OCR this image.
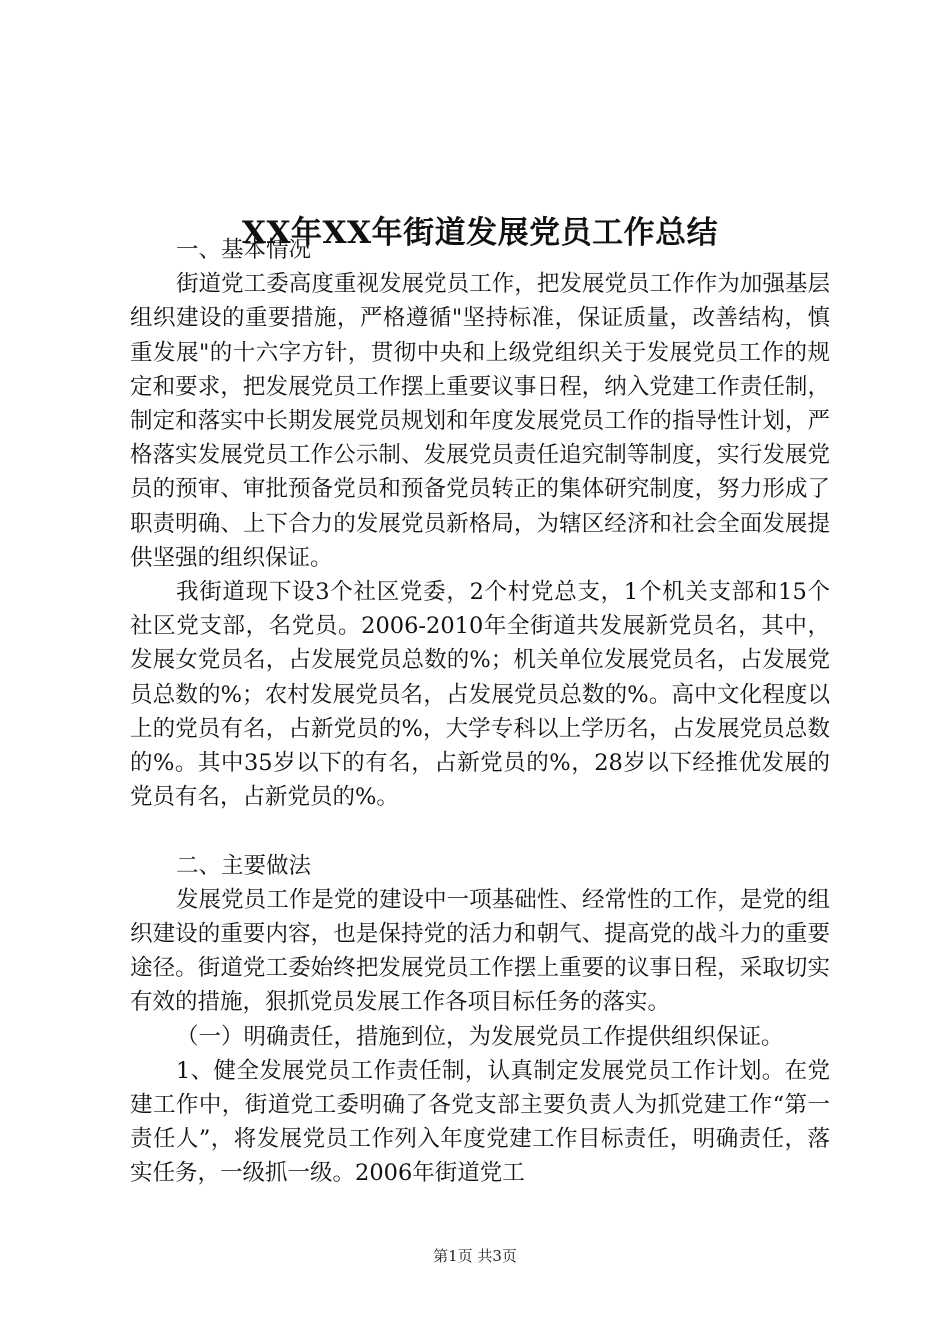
XX年XX年街道发展党员工作总结

一、基本情况

街道党工委高度重视发展党员工作，把发展党员工作作为加强基层组织建设的重要措施，严格遵循"坚持标准，保证质量，改善结构，慎重发展"的十六字方针，贯彻中央和上级党组织关于发展党员工作的规定和要求，把发展党员工作摆上重要议事日程，纳入党建工作责任制，制定和落实中长期发展党员规划和年度发展党员工作的指导性计划，严格落实发展党员工作公示制、发展党员责任追究制等制度，实行发展党员的预审、审批预备党员和预备党员转正的集体研究制度，努力形成了职责明确、上下合力的发展党员新格局，为辖区经济和社会全面发展提供坚强的组织保证。

我街道现下设3个社区党委，2个村党总支，1个机关支部和15个社区党支部，名党员。2006-2010年全街道共发展新党员名，其中，发展女党员名，占发展党员总数的%；机关单位发展党员名，占发展党员总数的%；农村发展党员名，占发展党员总数的%。高中文化程度以上的党员有名，占新党员的%，大学专科以上学历名，占发展党员总数的%。其中35岁以下的有名，占新党员的%，28岁以下经推优发展的党员有名，占新党员的%。

二、主要做法

发展党员工作是党的建设中一项基础性、经常性的工作，是党的组织建设的重要内容，也是保持党的活力和朝气、提高党的战斗力的重要途径。街道党工委始终把发展党员工作摆上重要的议事日程，采取切实有效的措施，狠抓党员发展工作各项目标任务的落实。

（一）明确责任，措施到位，为发展党员工作提供组织保证。

1、健全发展党员工作责任制，认真制定发展党员工作计划。在党建工作中，街道党工委明确了各党支部主要负责人为抓党建工作“第一责任人”，将发展党员工作列入年度党建工作目标责任，明确责任，落实任务，一级抓一级。2006年街道党工

第1页 共3页
